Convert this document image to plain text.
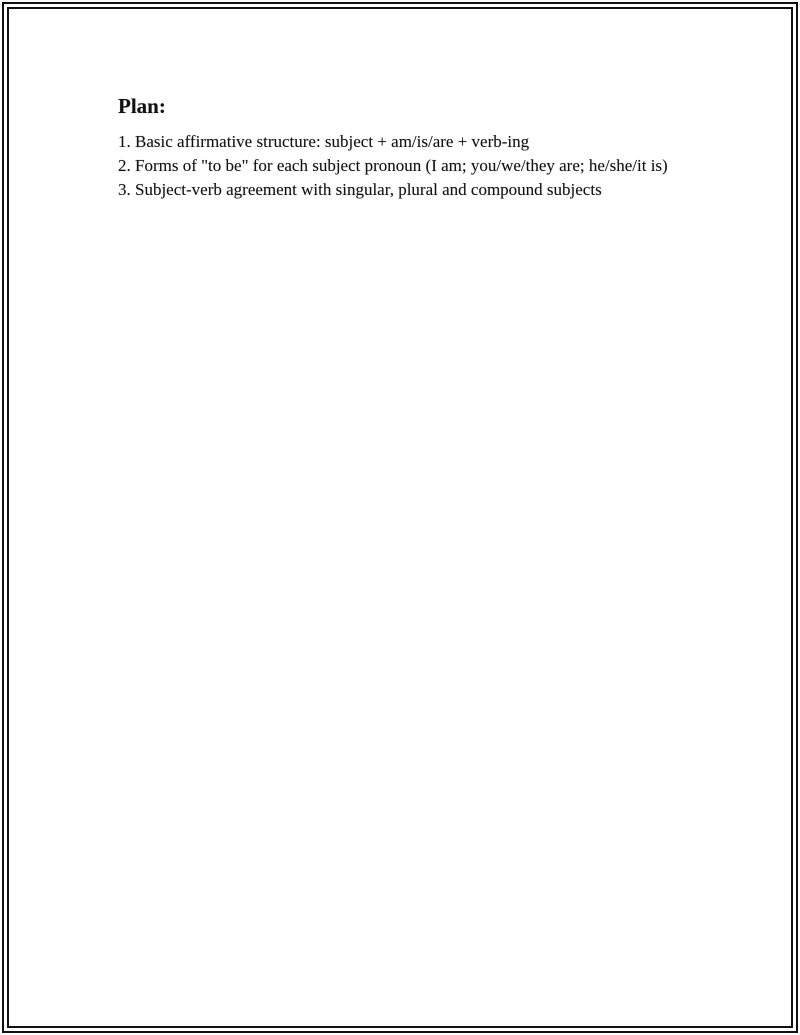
Plan:
1. Basic affirmative structure: subject + am/is/are + verb-ing
2. Forms of "to be" for each subject pronoun (I am; you/we/they are; he/she/it is)
3. Subject-verb agreement with singular, plural and compound subjects
